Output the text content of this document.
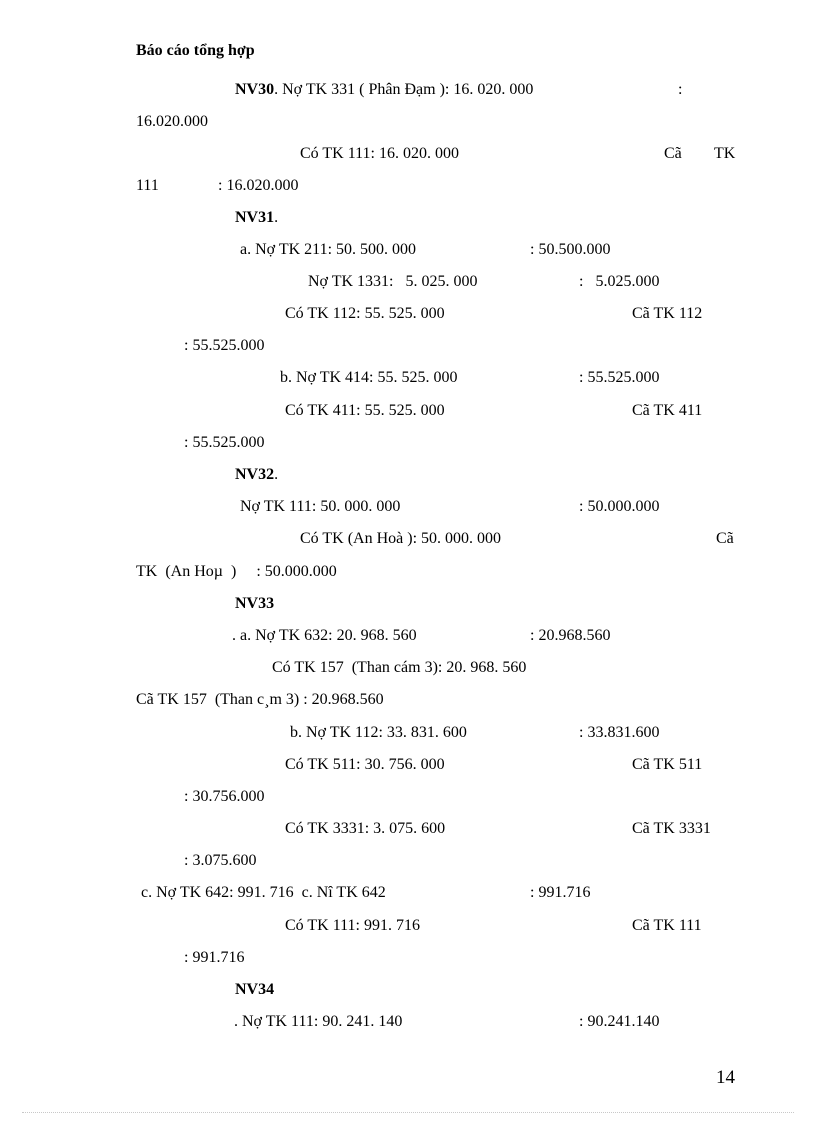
Báo cáo tổng hợp
NV30. Nợ TK 331 ( Phân Đạm ): 16. 020. 000	:
16.020.000
Có TK 111: 16. 020. 000	Cã TK
111	: 16.020.000
NV31.
a. Nợ TK 211: 50. 500. 000	: 50.500.000
Nợ TK 1331:   5. 025. 000	:   5.025.000
Có TK 112: 55. 525. 000	Cã TK 112
: 55.525.000
b. Nợ TK 414: 55. 525. 000	: 55.525.000
Có TK 411: 55. 525. 000	Cã TK 411
: 55.525.000
NV32.
Nợ TK 111: 50. 000. 000	: 50.000.000
Có TK (An Hoà ): 50. 000. 000	Cã
TK  (An Hoµ  )     : 50.000.000
NV33
. a. Nợ TK 632: 20. 968. 560	: 20.968.560
Có TK 157  (Than cám 3): 20. 968. 560
Cã TK 157  (Than c¸m 3) : 20.968.560
b. Nợ TK 112: 33. 831. 600	: 33.831.600
Có TK 511: 30. 756. 000	Cã TK 511
: 30.756.000
Có TK 3331: 3. 075. 600	Cã TK 3331
: 3.075.600
c. Nợ TK 642: 991. 716  c. Nî TK 642	: 991.716
Có TK 111: 991. 716	Cã TK 111
: 991.716
NV34
. Nợ TK 111: 90. 241. 140	: 90.241.140
14
